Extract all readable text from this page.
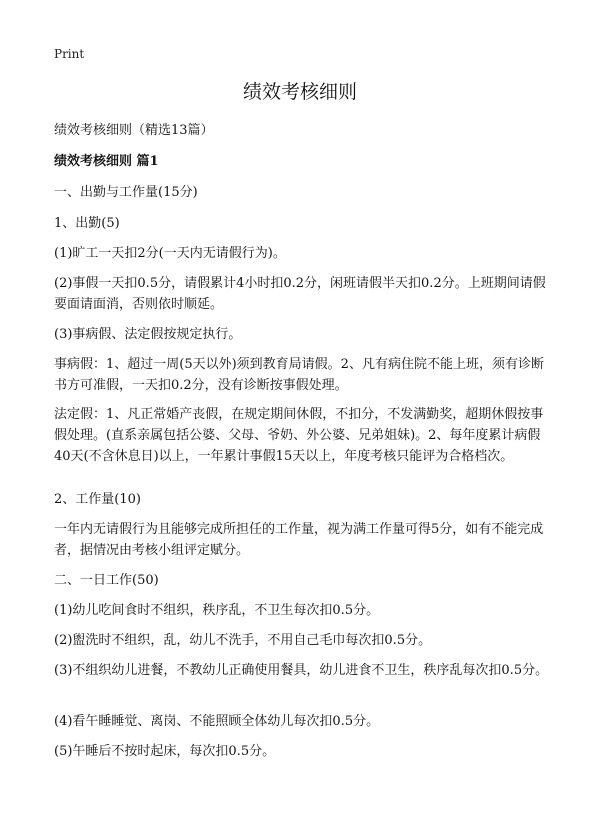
Print
绩效考核细则

绩效考核细则（精选13篇）

绩效考核细则 篇1

一、出勤与工作量(15分)

1、出勤(5)

(1)旷工一天扣2分(一天内无请假行为)。

(2)事假一天扣0.5分，请假累计4小时扣0.2分，闲班请假半天扣0.2分。上班期间请假要面请面消，否则依时顺延。

(3)事病假、法定假按规定执行。

事病假：1、超过一周(5天以外)须到教育局请假。2、凡有病住院不能上班，须有诊断书方可准假，一天扣0.2分，没有诊断按事假处理。

法定假：1、凡正常婚产丧假，在规定期间休假，不扣分，不发满勤奖，超期休假按事假处理。(直系亲属包括公婆、父母、爷奶、外公婆、兄弟姐妹)。2、每年度累计病假40天(不含休息日)以上，一年累计事假15天以上，年度考核只能评为合格档次。

2、工作量(10)

一年内无请假行为且能够完成所担任的工作量，视为满工作量可得5分，如有不能完成者，据情况由考核小组评定赋分。

二、一日工作(50)

(1)幼儿吃间食时不组织，秩序乱，不卫生每次扣0.5分。

(2)盥洗时不组织，乱，幼儿不洗手，不用自己毛巾每次扣0.5分。

(3)不组织幼儿进餐，不教幼儿正确使用餐具，幼儿进食不卫生，秩序乱每次扣0.5分。

(4)看午睡睡觉、离岗、不能照顾全体幼儿每次扣0.5分。

(5)午睡后不按时起床，每次扣0.5分。
